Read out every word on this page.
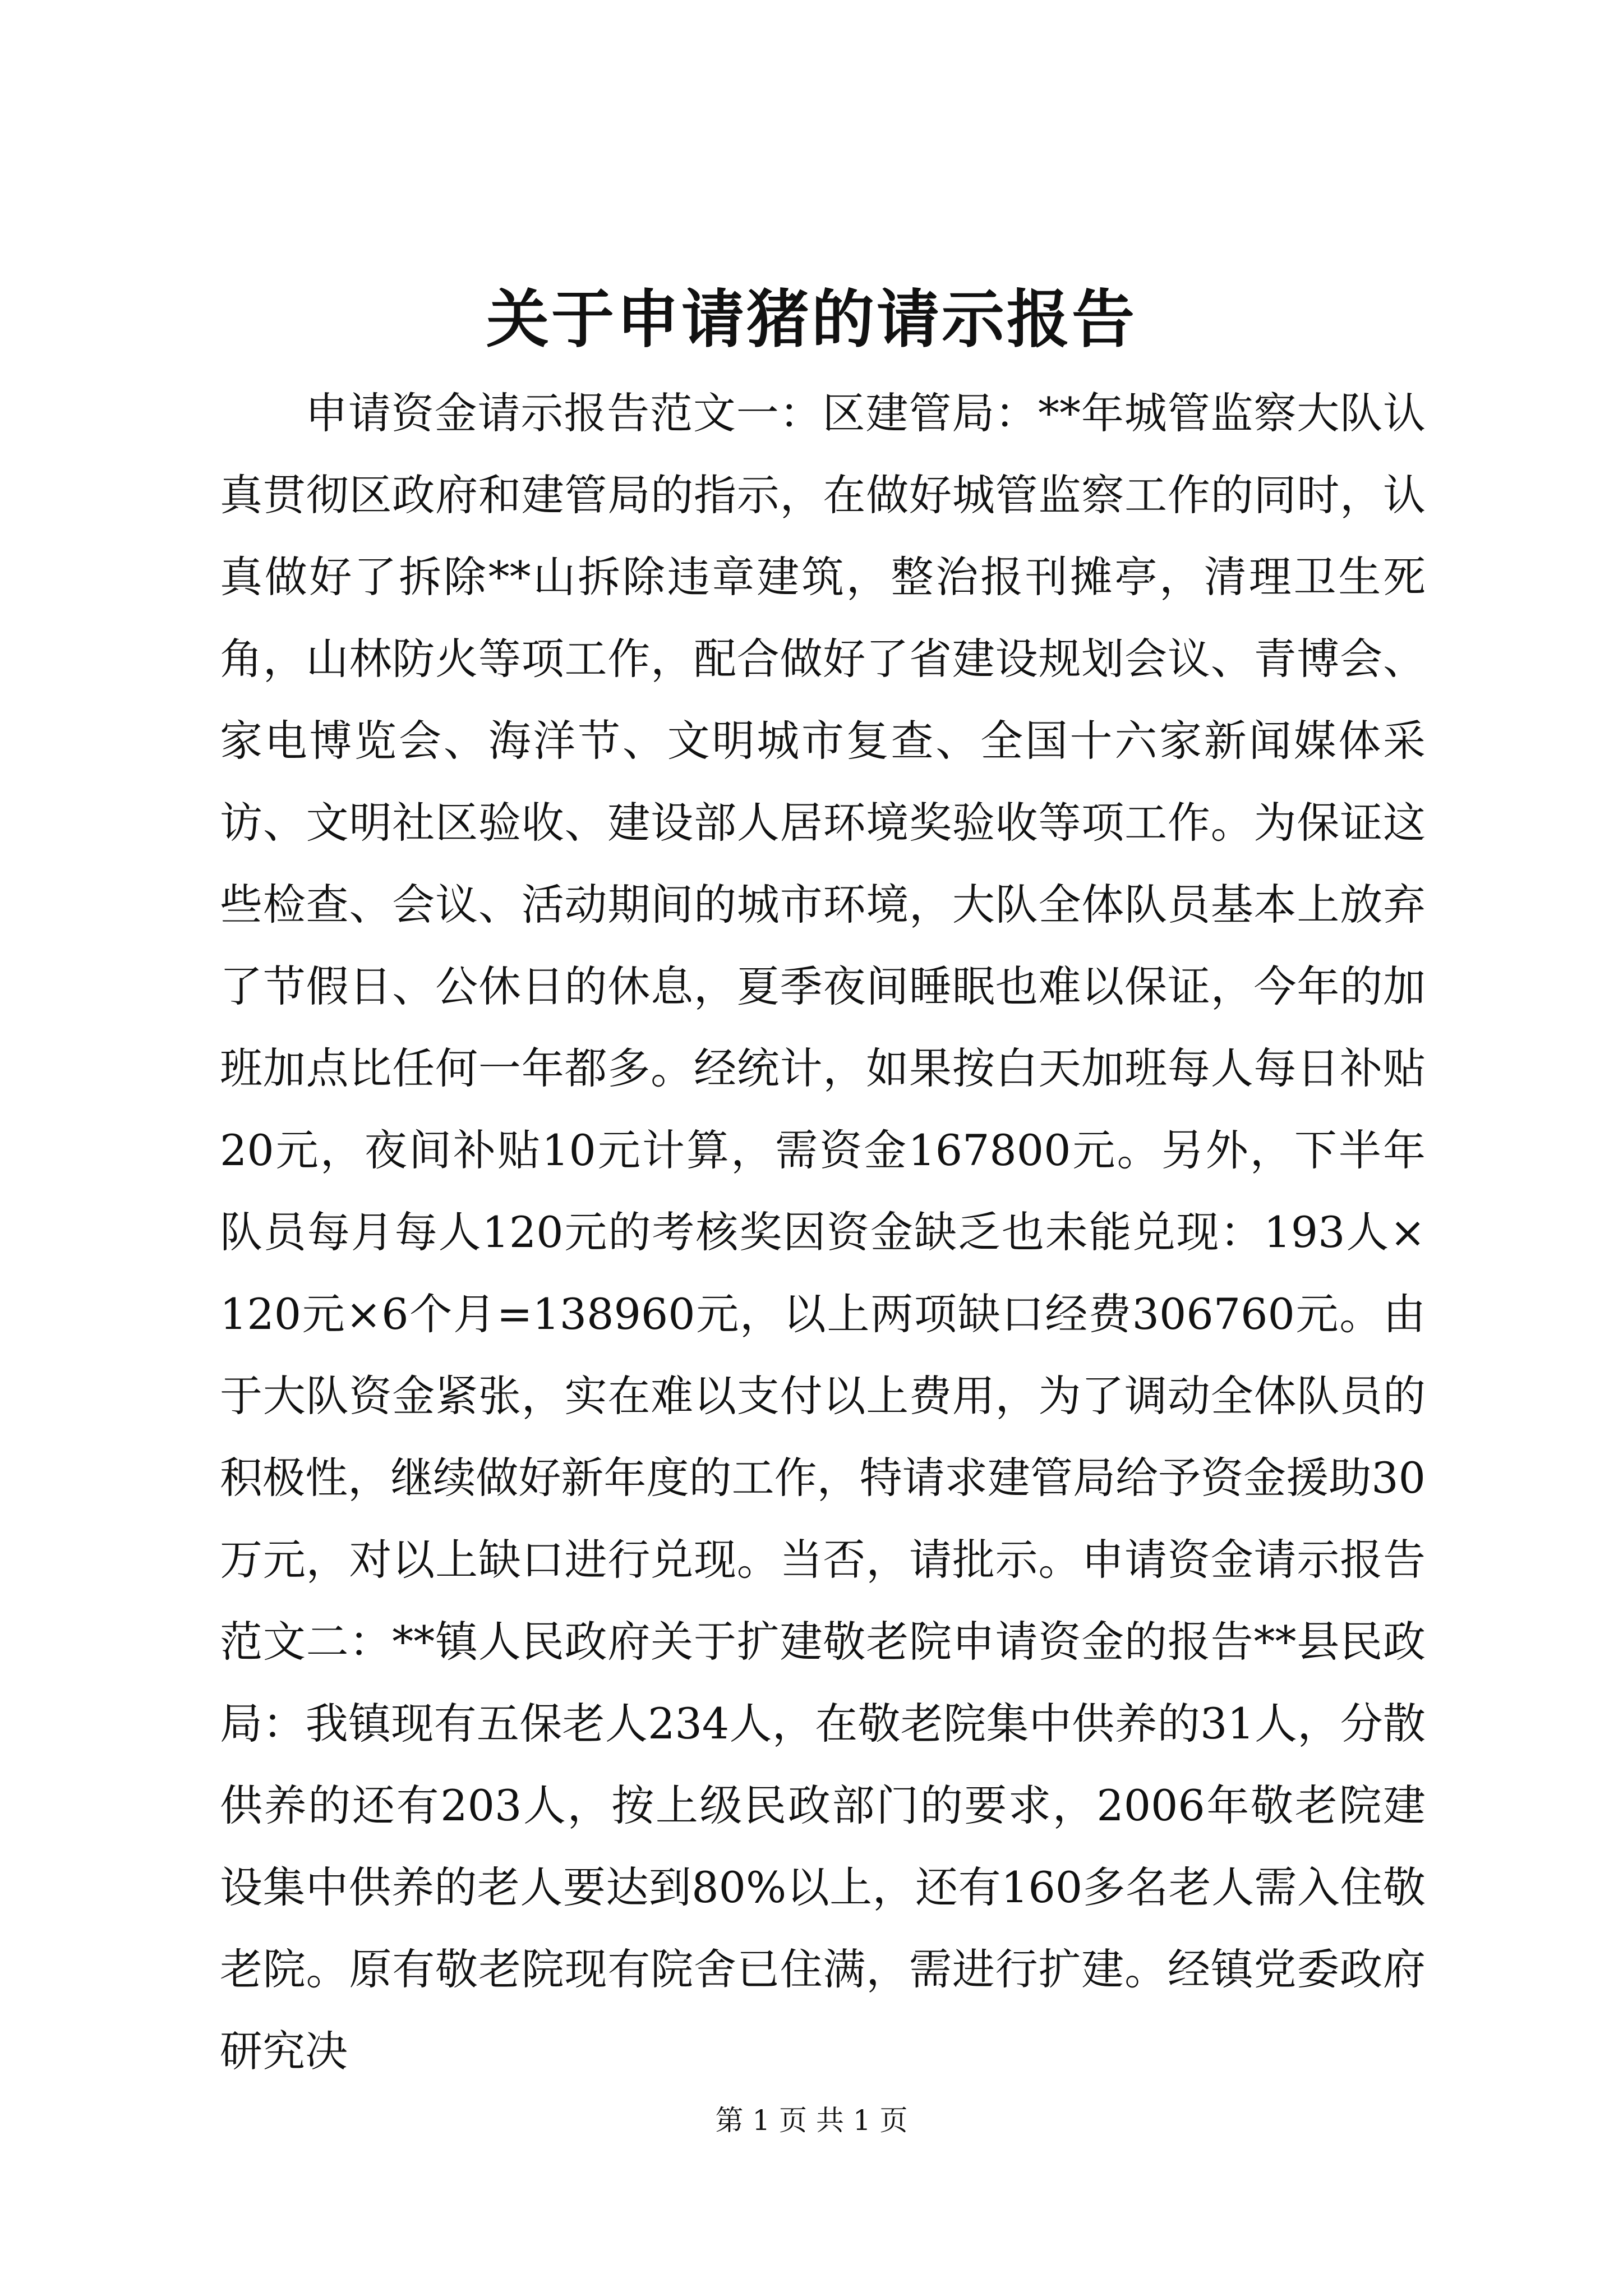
关于申请猪的请示报告

申请资金请示报告范文一：区建管局：**年城管监察大队认真贯彻区政府和建管局的指示，在做好城管监察工作的同时，认真做好了拆除**山拆除违章建筑，整治报刊摊亭，清理卫生死角，山林防火等项工作，配合做好了省建设规划会议、青博会、家电博览会、海洋节、文明城市复查、全国十六家新闻媒体采访、文明社区验收、建设部人居环境奖验收等项工作。为保证这些检查、会议、活动期间的城市环境，大队全体队员基本上放弃了节假日、公休日的休息，夏季夜间睡眠也难以保证，今年的加班加点比任何一年都多。经统计，如果按白天加班每人每日补贴20元，夜间补贴10元计算，需资金167800元。另外，下半年队员每月每人120元的考核奖因资金缺乏也未能兑现：193人×120元×6个月=138960元，以上两项缺口经费306760元。由于大队资金紧张，实在难以支付以上费用，为了调动全体队员的积极性，继续做好新年度的工作，特请求建管局给予资金援助30万元，对以上缺口进行兑现。当否，请批示。申请资金请示报告范文二：**镇人民政府关于扩建敬老院申请资金的报告**县民政局：我镇现有五保老人234人，在敬老院集中供养的31人，分散供养的还有203人，按上级民政部门的要求，2006年敬老院建设集中供养的老人要达到80%以上，还有160多名老人需入住敬老院。原有敬老院现有院舍已住满，需进行扩建。经镇党委政府研究决

第 1 页 共 1 页
